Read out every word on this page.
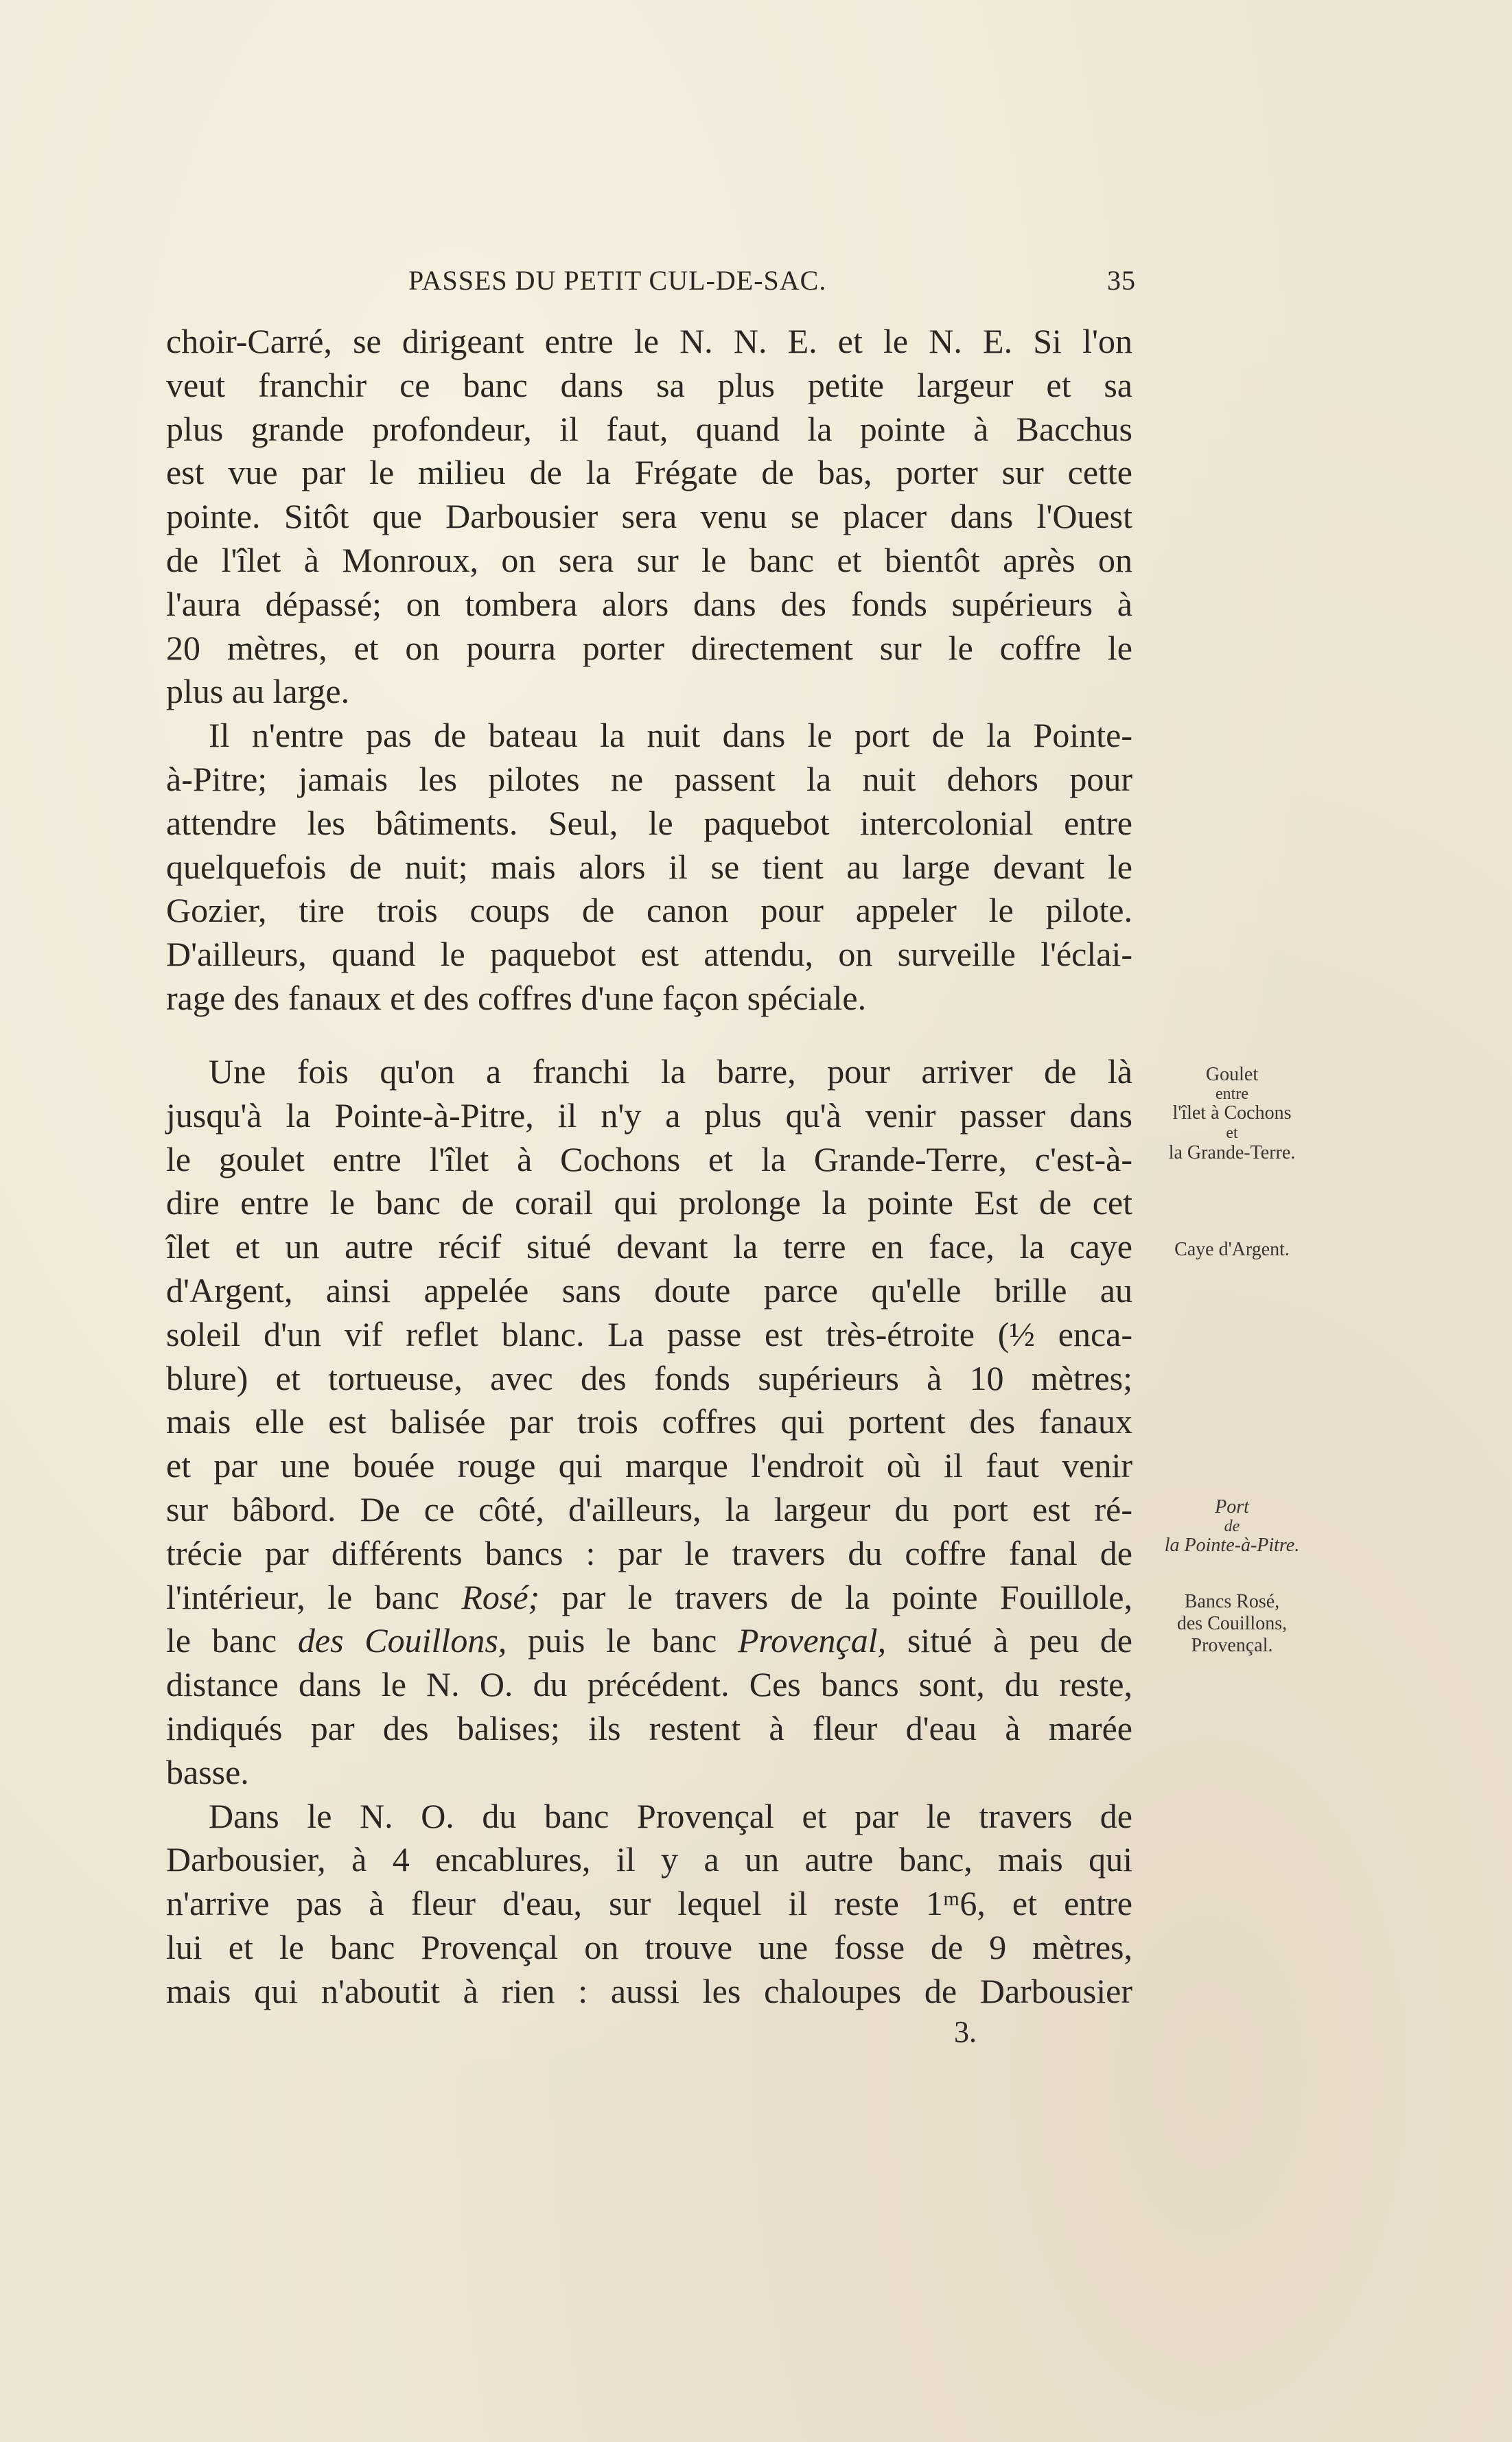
PASSES DU PETIT CUL-DE-SAC.	35
choir-Carré, se dirigeant entre le N. N. E. et le N. E. Si l'on
veut franchir ce banc dans sa plus petite largeur et sa
plus grande profondeur, il faut, quand la pointe à Bacchus
est vue par le milieu de la Frégate de bas, porter sur cette
pointe. Sitôt que Darbousier sera venu se placer dans l'Ouest
de l'îlet à Monroux, on sera sur le banc et bientôt après on
l'aura dépassé; on tombera alors dans des fonds supérieurs à
20 mètres, et on pourra porter directement sur le coffre le
plus au large.
Il n'entre pas de bateau la nuit dans le port de la Pointe-
à-Pitre; jamais les pilotes ne passent la nuit dehors pour
attendre les bâtiments. Seul, le paquebot intercolonial entre
quelquefois de nuit; mais alors il se tient au large devant le
Gozier, tire trois coups de canon pour appeler le pilote.
D'ailleurs, quand le paquebot est attendu, on surveille l'éclai-
rage des fanaux et des coffres d'une façon spéciale.
Une fois qu'on a franchi la barre, pour arriver de là
jusqu'à la Pointe-à-Pitre, il n'y a plus qu'à venir passer dans
le goulet entre l'îlet à Cochons et la Grande-Terre, c'est-à-
dire entre le banc de corail qui prolonge la pointe Est de cet
îlet et un autre récif situé devant la terre en face, la caye
d'Argent, ainsi appelée sans doute parce qu'elle brille au
soleil d'un vif reflet blanc. La passe est très-étroite (½ enca-
blure) et tortueuse, avec des fonds supérieurs à 10 mètres;
mais elle est balisée par trois coffres qui portent des fanaux
et par une bouée rouge qui marque l'endroit où il faut venir
sur bâbord. De ce côté, d'ailleurs, la largeur du port est ré-
trécie par différents bancs : par le travers du coffre fanal de
l'intérieur, le banc Rosé; par le travers de la pointe Fouillole,
le banc des Couillons, puis le banc Provençal, situé à peu de
distance dans le N. O. du précédent. Ces bancs sont, du reste,
indiqués par des balises; ils restent à fleur d'eau à marée
basse.
Dans le N. O. du banc Provençal et par le travers de
Darbousier, à 4 encablures, il y a un autre banc, mais qui
n'arrive pas à fleur d'eau, sur lequel il reste 1ᵐ6, et entre
lui et le banc Provençal on trouve une fosse de 9 mètres,
mais qui n'aboutit à rien : aussi les chaloupes de Darbousier
Goulet
entre
l'îlet à Cochons
et
la Grande-Terre.
Caye d'Argent.
Port
de
la Pointe-à-Pitre.
Bancs Rosé,
des Couillons,
Provençal.
3.
